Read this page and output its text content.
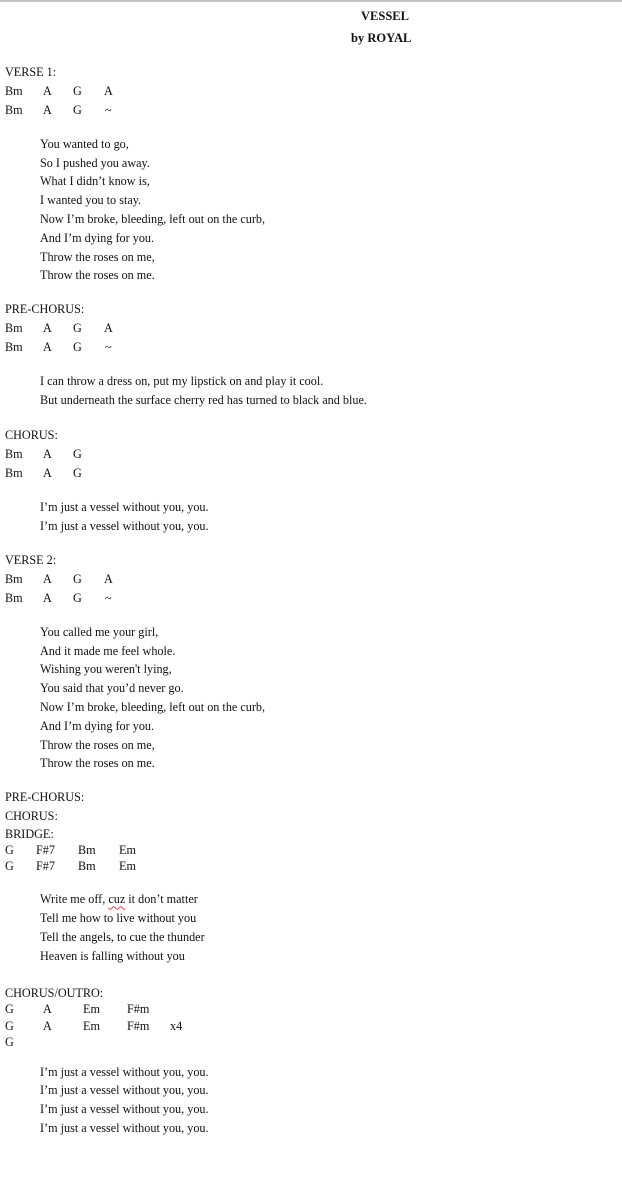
VESSEL
by ROYAL
VERSE 1:

Bm

A

G

A

Bm

A

G

~

You wanted to go,
So I pushed you away.
What I didn’t know is,
I wanted you to stay.
Now I’m broke, bleeding, left out on the curb,
And I’m dying for you.
Throw the roses on me,
Throw the roses on me.
PRE-CHORUS:

Bm

A

G

A

Bm

A

G

~

I can throw a dress on, put my lipstick on and play it cool.
But underneath the surface cherry red has turned to black and blue.
CHORUS:

Bm

A

G

Bm

A

G

I’m just a vessel without you, you.
I’m just a vessel without you, you.
VERSE 2:

Bm

A

G

A

Bm

A

G

~

You called me your girl,
And it made me feel whole.
Wishing you weren't lying,
You said that you’d never go.
Now I’m broke, bleeding, left out on the curb,
And I’m dying for you.
Throw the roses on me,
Throw the roses on me.
PRE-CHORUS:
CHORUS:
BRIDGE:

G

F#7

Bm

Em

G

F#7

Bm

Em

Write me off, cuz it don’t matter
Tell me how to live without you
Tell the angels, to cue the thunder
Heaven is falling without you
CHORUS/OUTRO:

G

A

	Em

F#m

G

A

	Em

F#m

x4

G

I’m just a vessel without you, you.
I’m just a vessel without you, you.
I’m just a vessel without you, you.
I’m just a vessel without you, you.
